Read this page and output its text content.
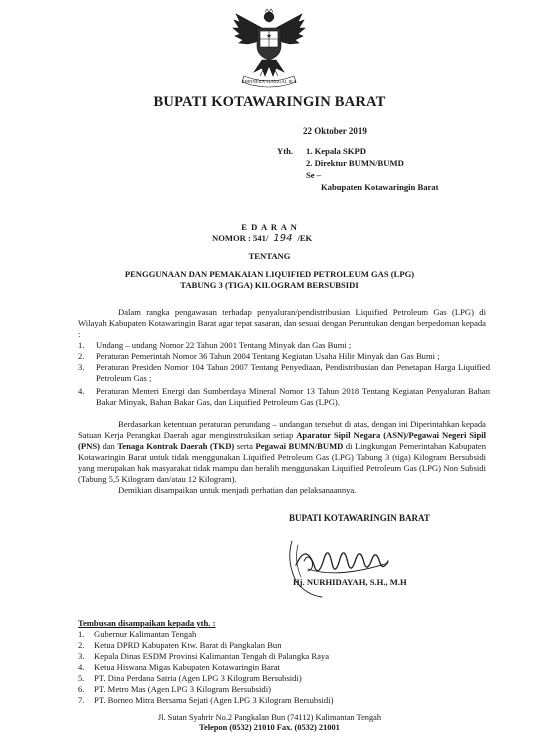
BHINNEKA TUNGGAL IKA
BUPATI KOTAWARINGIN BARAT
22 Oktober 2019
Yth. 1. Kepala SKPD
2. Direktur BUMN/BUMD
Se –
Kabupaten Kotawaringin Barat
E D A R A N
NOMOR : 541/ 194 /EK
TENTANG
PENGGUNAAN DAN PEMAKAIAN LIQUIFIED PETROLEUM GAS (LPG)
TABUNG 3 (TIGA) KILOGRAM BERSUBSIDI
Dalam rangka pengawasan terhadap penyaluran/pendistribusian Liquified Petroleum Gas (LPG) di Wilayah Kabupaten Kotawaringin Barat agar tepat sasaran, dan sesuai dengan Peruntukan dengan berpedoman kepada :
1. Undang – undang Nomor 22 Tahun 2001 Tentang Minyak dan Gas Bumi ;
2. Peraturan Pemerintah Nomor 36 Tahun 2004 Tentang Kegiatan Usaha Hilir Minyak dan Gas Bumi ;
3. Peraturan Presiden Nomor 104 Tahun 2007 Tentang Penyediaan, Pendistribusian dan Penetapan Harga Liquified Petroleum Gas ;
4. Peraturan Menteri Energi dan Sumberdaya Mineral Nomor 13 Tahun 2018 Tentang Kegiatan Penyaluran Bahan Bakar Minyak, Bahan Bakar Gas, dan Liquified Petroleum Gas (LPG).
Berdasarkan ketentuan peraturan perundang – undangan tersebut di atas, dengan ini Diperintahkan kepada Satuan Kerja Perangkat Daerah agar menginstruksikan setiap Aparatur Sipil Negara (ASN)/Pegawai Negeri Sipil (PNS) dan Tenaga Kontrak Daerah (TKD) serta Pegawai BUMN/BUMD di Lingkungan Pemerintahan Kabupaten Kotawaringin Barat untuk tidak menggunakan Liquified Petroleum Gas (LPG) Tabung 3 (tiga) Kilogram Bersubsidi yang merupakan hak masyarakat tidak mampu dan beralih menggunakan Liquified Petroleum Gas (LPG) Non Subsidi (Tabung 5,5 Kilogram dan/atau 12 Kilogram).
Demikian disampaikan untuk menjadi perhatian dan pelaksanaannya.
BUPATI KOTAWARINGIN BARAT
Hj. NURHIDAYAH, S.H., M.H
Tembusan disampaikan kepada yth. :
1. Gubernur Kalimantan Tengah
2. Ketua DPRD Kabupaten Ktw. Barat di Pangkalan Bun
3. Kepala Dinas ESDM Provinsi Kalimantan Tengah di Palangka Raya
4. Ketua Hiswana Migas Kabupaten Kotawaringin Barat
5. PT. Dina Perdana Satria (Agen LPG 3 Kilogram Bersubsidi)
6. PT. Metro Mas (Agen LPG 3 Kilogram Bersubsidi)
7. PT. Borneo Mitra Bersama Sejati (Agen LPG 3 Kilogram Bersubsidi)
Jl. Sutan Syahrir No.2 Pangkalan Bun (74112) Kalimantan Tengah
Telepon (0532) 21010 Fax. (0532) 21001
